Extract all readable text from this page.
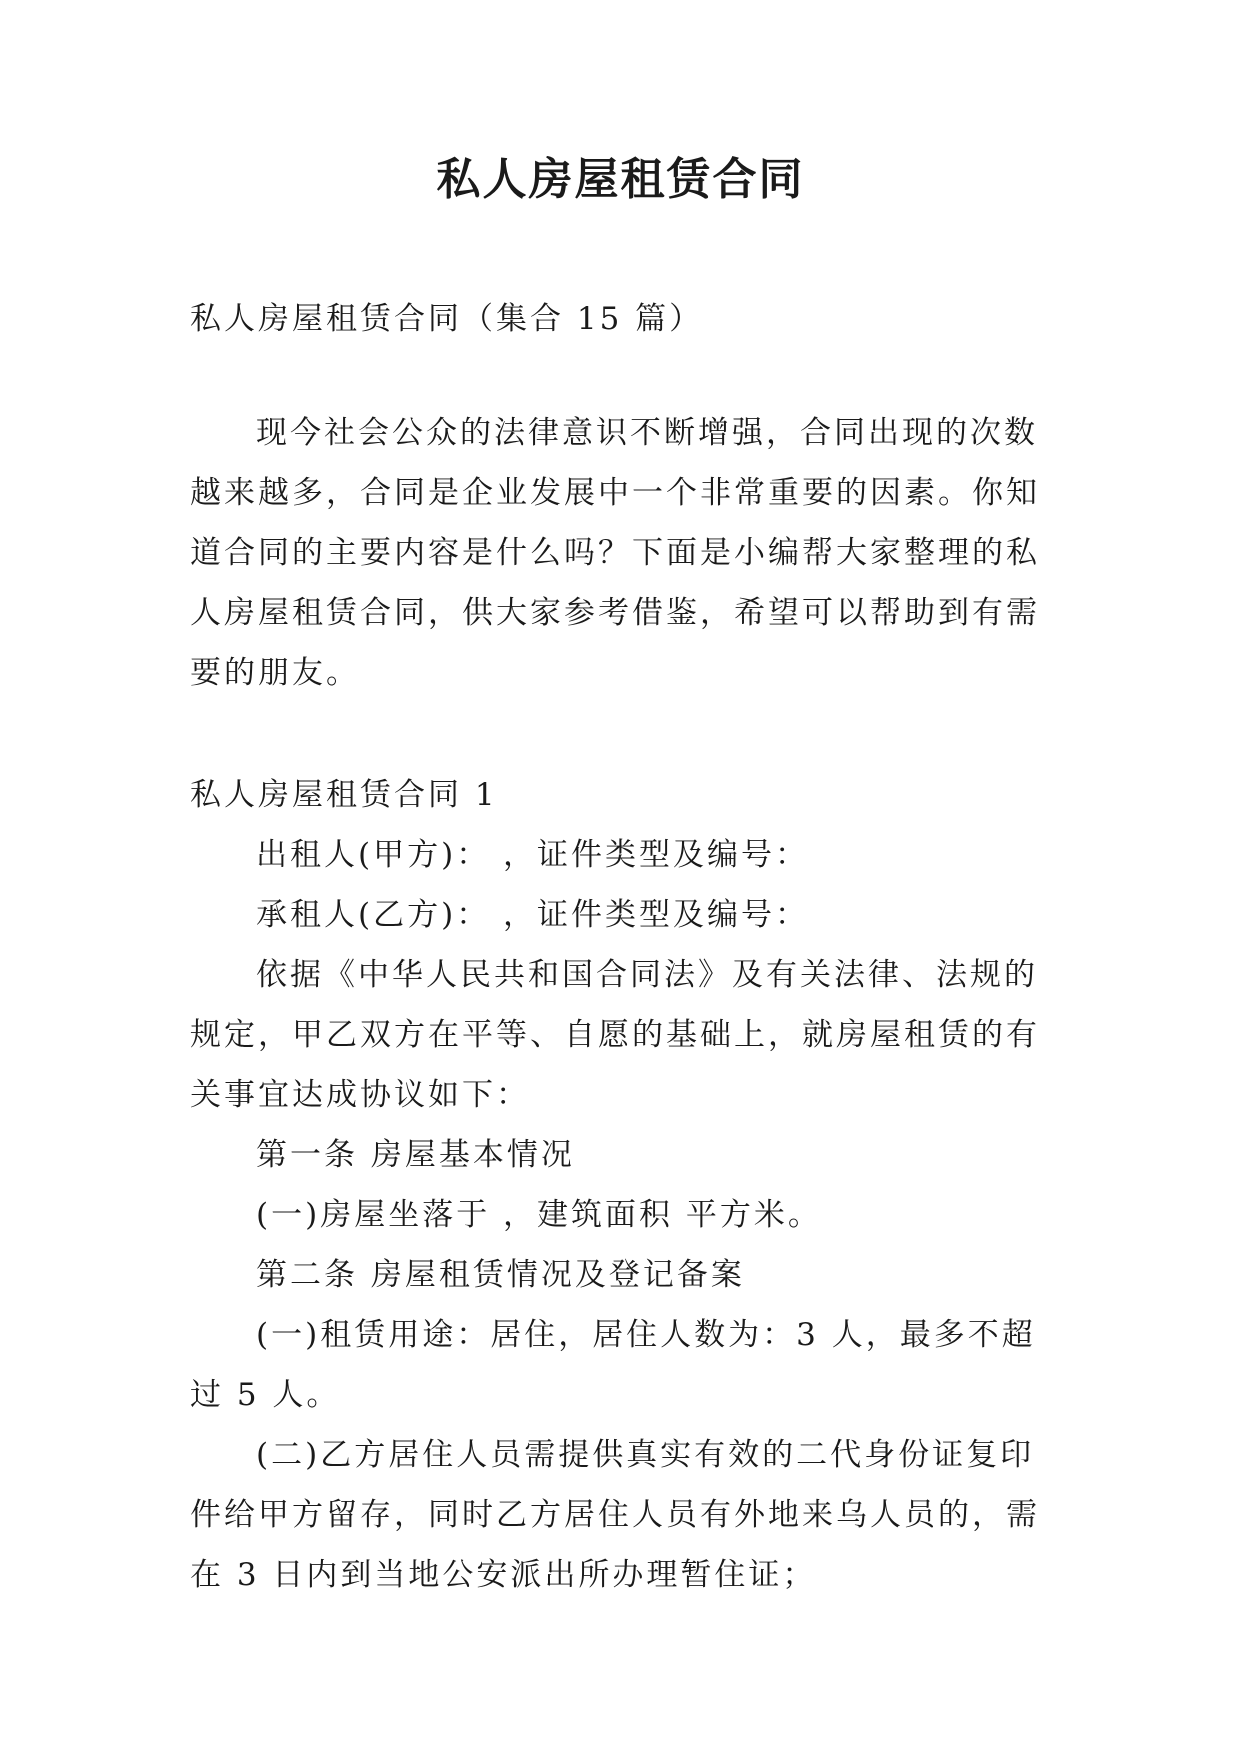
私人房屋租赁合同

私人房屋租赁合同（集合 15 篇）

现今社会公众的法律意识不断增强，合同出现的次数越来越多，合同是企业发展中一个非常重要的因素。你知道合同的主要内容是什么吗？下面是小编帮大家整理的私人房屋租赁合同，供大家参考借鉴，希望可以帮助到有需要的朋友。

私人房屋租赁合同 1

出租人(甲方)： ，证件类型及编号：

承租人(乙方)： ，证件类型及编号：

依据《中华人民共和国合同法》及有关法律、法规的规定，甲乙双方在平等、自愿的基础上，就房屋租赁的有关事宜达成协议如下：

第一条 房屋基本情况

(一)房屋坐落于 ，建筑面积 平方米。

第二条 房屋租赁情况及登记备案

(一)租赁用途：居住，居住人数为：3 人，最多不超过 5 人。

(二)乙方居住人员需提供真实有效的二代身份证复印件给甲方留存，同时乙方居住人员有外地来乌人员的，需在 3 日内到当地公安派出所办理暂住证；
